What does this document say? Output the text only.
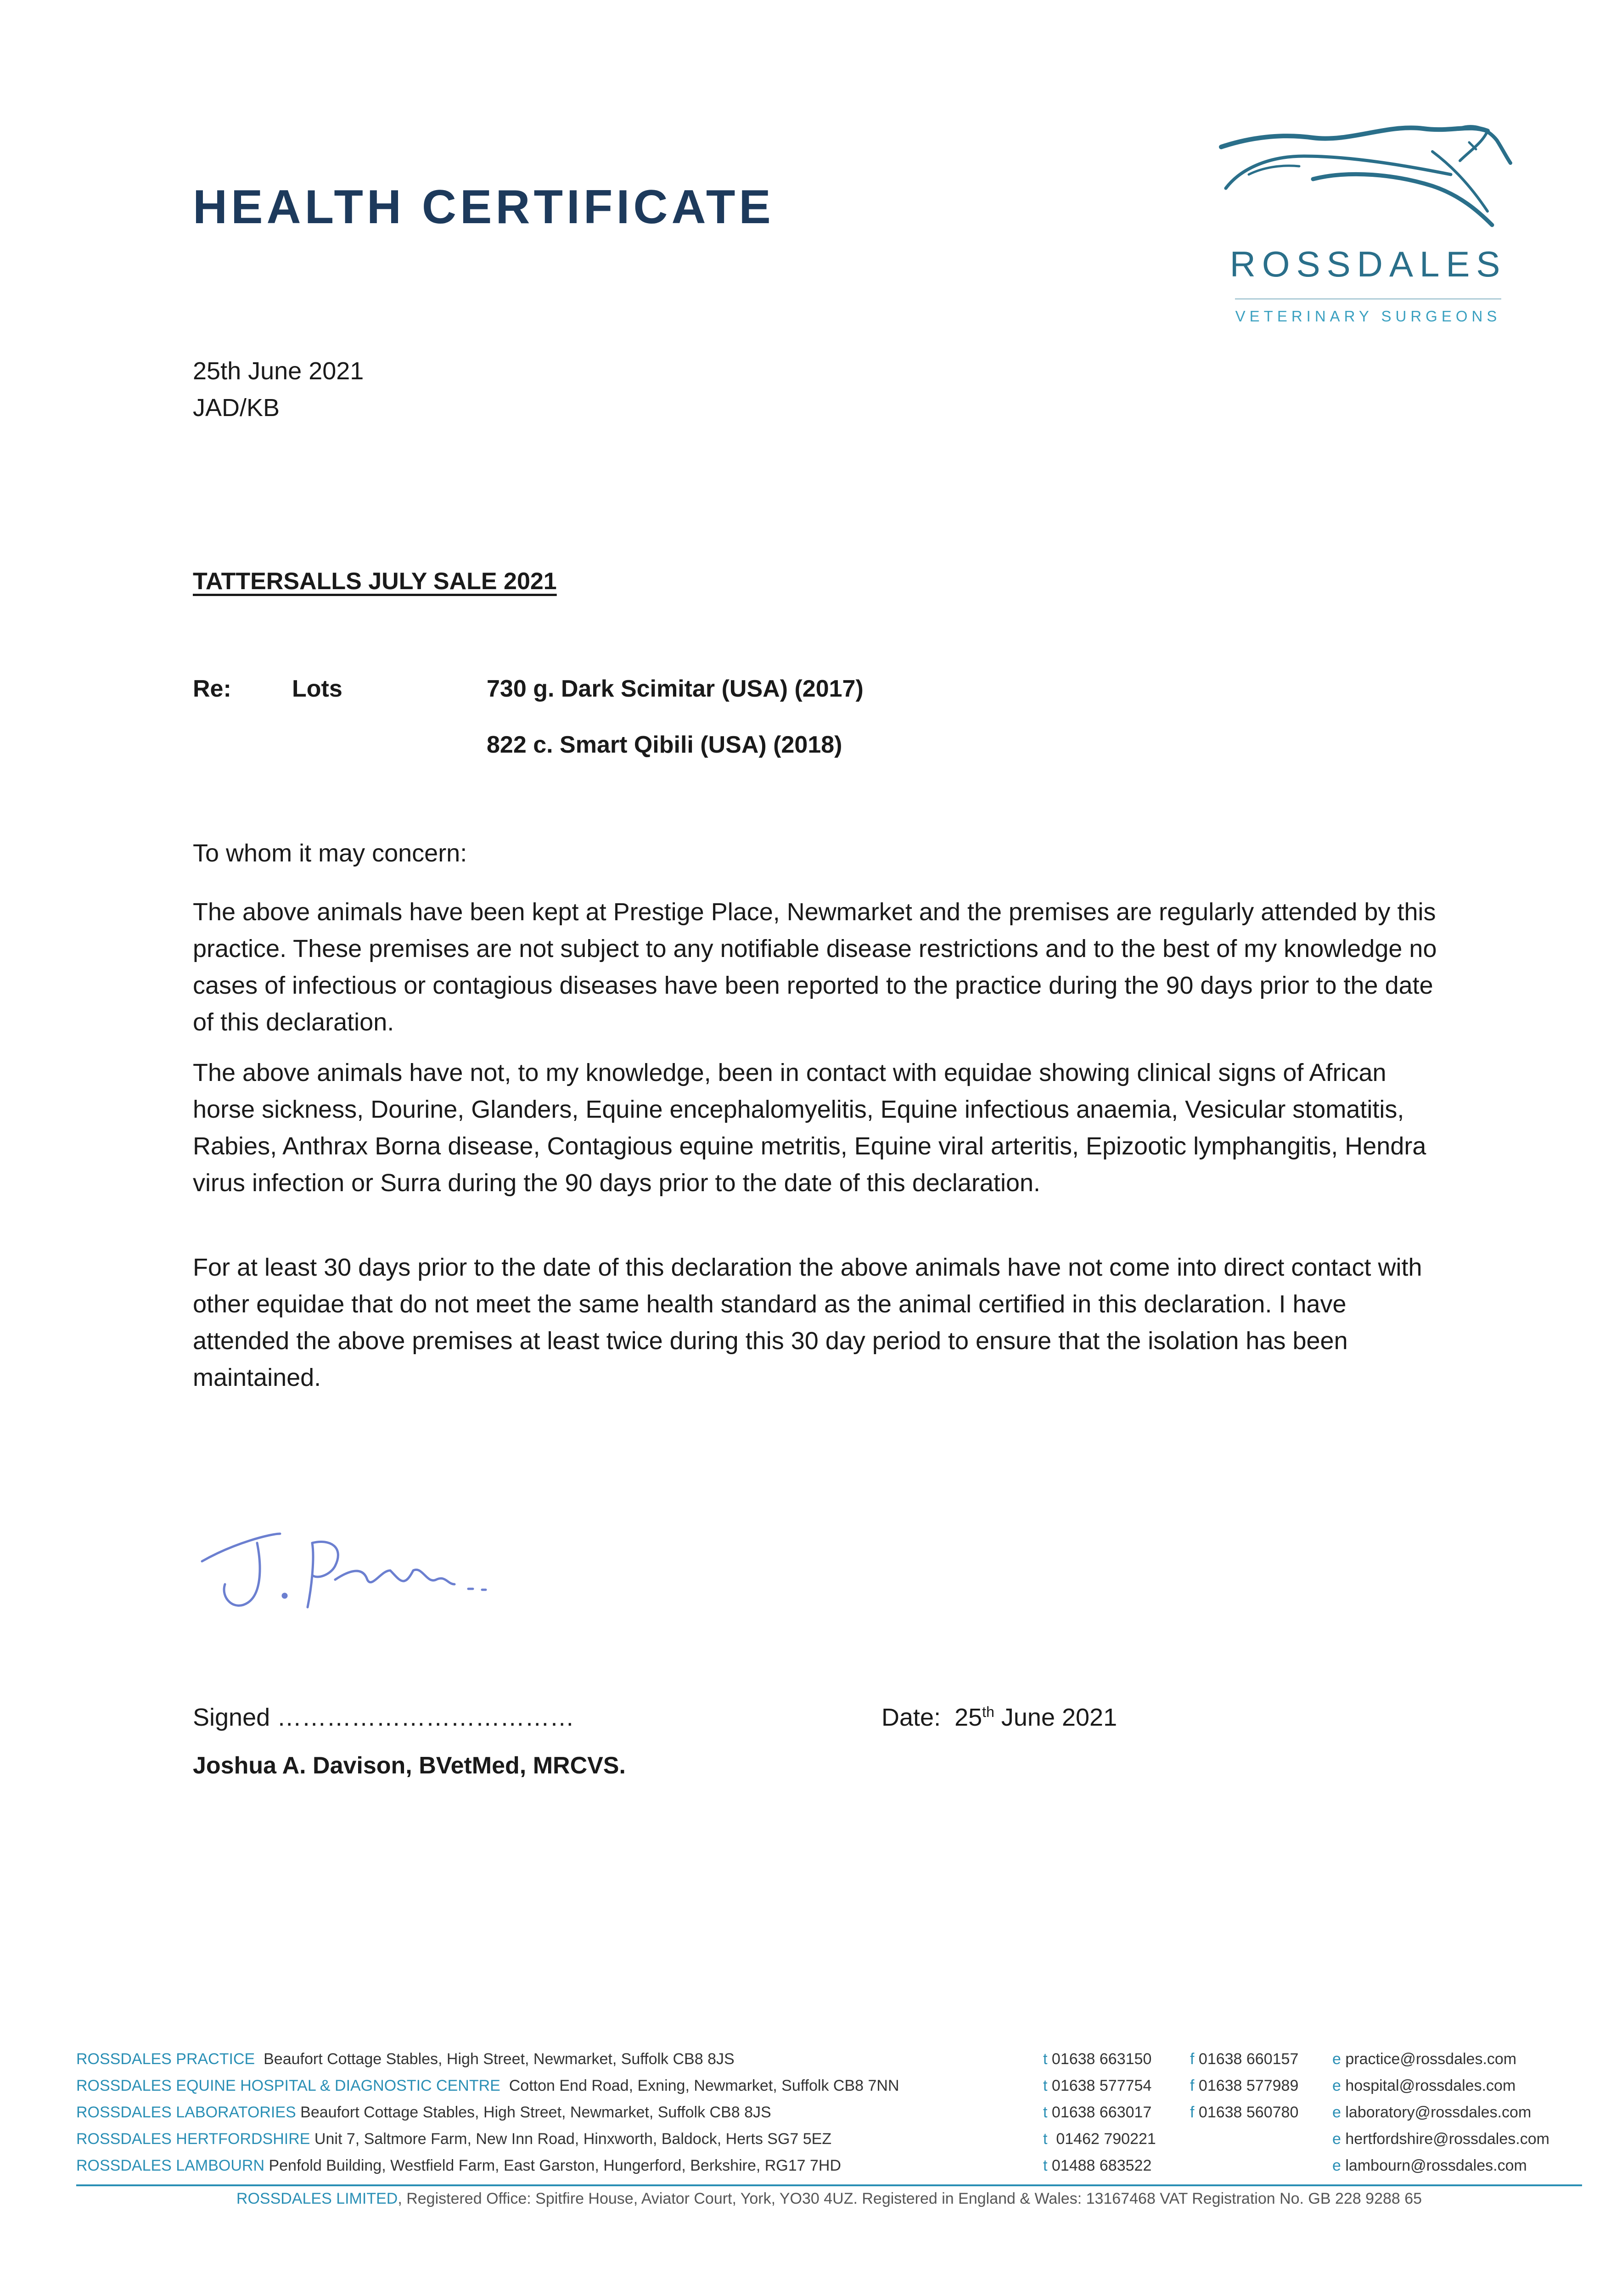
HEALTH CERTIFICATE
ROSSDALES
VETERINARY SURGEONS
25th June 2021
JAD/KB
TATTERSALLS JULY SALE 2021
Re:	Lots	730 g. Dark Scimitar (USA) (2017)
822 c. Smart Qibili (USA) (2018)
To whom it may concern:

The above animals have been kept at Prestige Place, Newmarket and the premises are regularly attended by this practice. These premises are not subject to any notifiable disease restrictions and to the best of my knowledge no cases of infectious or contagious diseases have been reported to the practice during the 90 days prior to the date of this declaration.

The above animals have not, to my knowledge, been in contact with equidae showing clinical signs of African horse sickness, Dourine, Glanders, Equine encephalomyelitis, Equine infectious anaemia, Vesicular stomatitis, Rabies, Anthrax Borna disease, Contagious equine metritis, Equine viral arteritis, Epizootic lymphangitis, Hendra virus infection or Surra during the 90 days prior to the date of this declaration.

For at least 30 days prior to the date of this declaration the above animals have not come into direct contact with other equidae that do not meet the same health standard as the animal certified in this declaration. I have attended the above premises at least twice during this 30 day period to ensure that the isolation has been maintained.

Signed ………………………………	Date: 25th June 2021
Joshua A. Davison, BVetMed, MRCVS.
ROSSDALES PRACTICE Beaufort Cottage Stables, High Street, Newmarket, Suffolk CB8 8JS	t 01638 663150 f 01638 660157 e practice@rossdales.com
ROSSDALES EQUINE HOSPITAL & DIAGNOSTIC CENTRE Cotton End Road, Exning, Newmarket, Suffolk CB8 7NN	t 01638 577754 f 01638 577989 e hospital@rossdales.com
ROSSDALES LABORATORIES Beaufort Cottage Stables, High Street, Newmarket, Suffolk CB8 8JS	t 01638 663017 f 01638 560780 e laboratory@rossdales.com
ROSSDALES HERTFORDSHIRE Unit 7, Saltmore Farm, New Inn Road, Hinxworth, Baldock, Herts SG7 5EZ	t 01462 790221	e hertfordshire@rossdales.com
ROSSDALES LAMBOURN Penfold Building, Westfield Farm, East Garston, Hungerford, Berkshire, RG17 7HD	t 01488 683522	e lambourn@rossdales.com
ROSSDALES LIMITED, Registered Office: Spitfire House, Aviator Court, York, YO30 4UZ. Registered in England & Wales: 13167468 VAT Registration No. GB 228 9288 65
